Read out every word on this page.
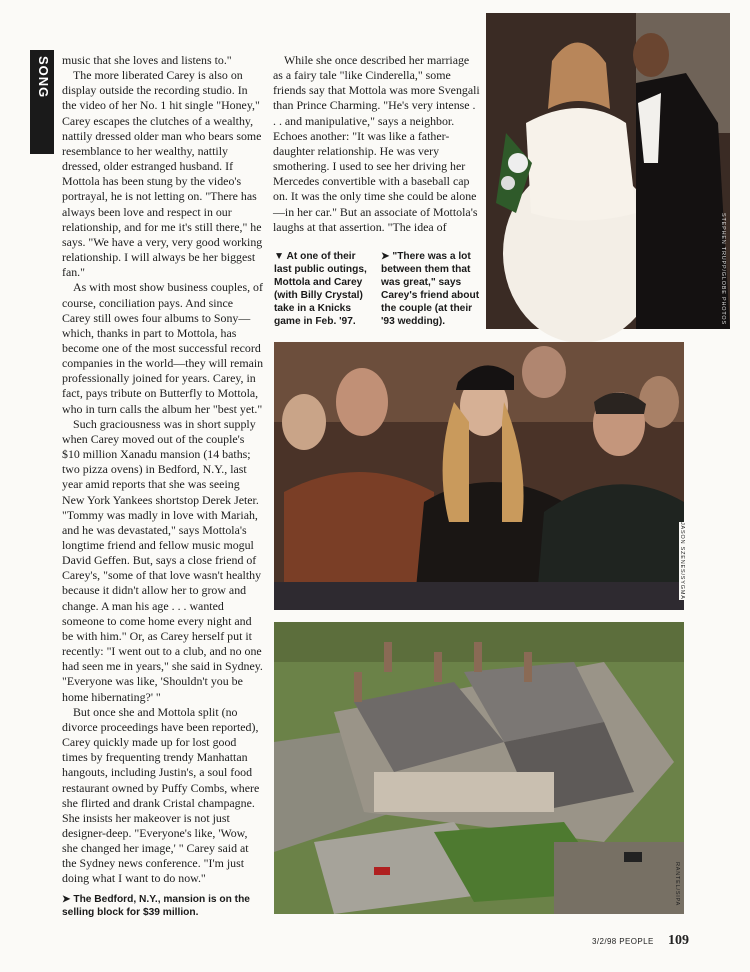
SONG music that she loves and listens to."

The more liberated Carey is also on display outside the recording studio. In the video of her No. 1 hit single "Honey," Carey escapes the clutches of a wealthy, nattily dressed older man who bears some resemblance to her wealthy, nattily dressed, older estranged husband. If Mottola has been stung by the video's portrayal, he is not letting on. "There has always been love and respect in our relationship, and for me it's still there," he says. "We have a very, very good working relationship. I will always be her biggest fan."

As with most show business couples, of course, conciliation pays. And since Carey still owes four albums to Sony—which, thanks in part to Mottola, has become one of the most successful record companies in the world—they will remain professionally joined for years. Carey, in fact, pays tribute on Butterfly to Mottola, who in turn calls the album her "best yet."

Such graciousness was in short supply when Carey moved out of the couple's $10 million Xanadu mansion (14 baths; two pizza ovens) in Bedford, N.Y., last year amid reports that she was seeing New York Yankees shortstop Derek Jeter. "Tommy was madly in love with Mariah, and he was devastated," says Mottola's longtime friend and fellow music mogul David Geffen. But, says a close friend of Carey's, "some of that love wasn't healthy because it didn't allow her to grow and change. A man his age . . . wanted someone to come home every night and be with him." Or, as Carey herself put it recently: "I went out to a club, and no one had seen me in years," she said in Sydney. "Everyone was like, 'Shouldn't you be home hibernating?' "

But once she and Mottola split (no divorce proceedings have been reported), Carey quickly made up for lost good times by frequenting trendy Manhattan hangouts, including Justin's, a soul food restaurant owned by Puffy Combs, where she flirted and drank Cristal champagne. She insists her makeover is not just designer-deep. "Everyone's like, 'Wow, she changed her image,' " Carey said at the Sydney news conference. "I'm just doing what I want to do now."

While she once described her marriage as a fairy tale "like Cinderella," some friends say that Mottola was more Svengali than Prince Charming. "He's very intense . . . and manipulative," says a neighbor. Echoes another: "It was like a father-daughter relationship. He was very smothering. I used to see her driving her Mercedes convertible with a baseball cap on. It was the only time she could be alone—in her car." But an associate of Mottola's laughs at that assertion. "The idea of	STEPHEN TRUPP/GLOBE PHOTOS
▼ At one of their last public outings, Mottola and Carey (with Billy Crystal) take in a Knicks game in Feb. '97.
➤ "There was a lot between them that was great," says Carey's friend about the couple (at their '93 wedding).
JASON SZENES/SYGMA
RANTEL/SIPA
➤ The Bedford, N.Y., mansion is on the selling block for $39 million.
3/2/98 PEOPLE 109
